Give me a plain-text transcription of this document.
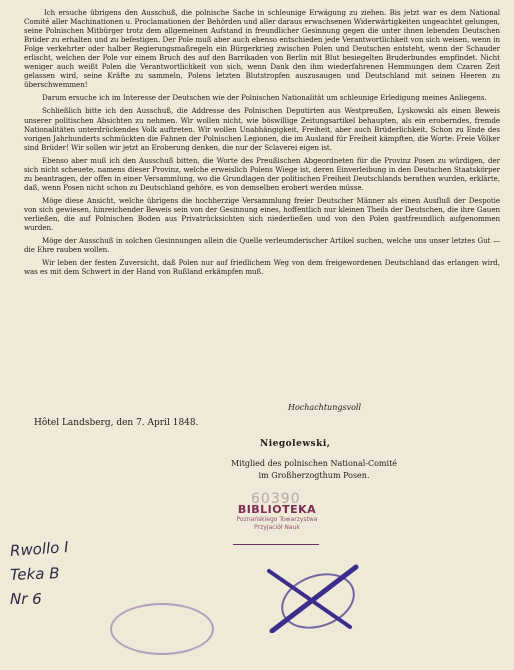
Ich ersuche übrigens den Ausschuß, die polnische Sache in schleunige Erwägung zu ziehen. Bis jetzt war es dem National Comité aller Machinationen u. Proclamationen der Behörden und aller daraus erwachsenen Widerwärtigkeiten ungeachtet gelungen, seine Polnischen Mitbürger trotz dem allgemeinen Aufstand in freundlicher Gesinnung gegen die unter ihnen lebenden Deutschen Brüder zu erhalten und zu befestigen. Der Pole muß aber auch ebenso entschieden jede Verantwortlichkeit von sich weisen, wenn in Folge verkehrter oder halber Regierungsmaßregeln ein Bürgerkrieg zwischen Polen und Deutschen entsteht, wenn der Schauder erlischt, welchen der Pole vor einem Bruch des auf den Barrikaden von Berlin mit Blut besiegelten Bruderbundes empfindet. Nicht weniger auch weißt Polen die Verantwortlichkeit von sich, wenn Dank den ihm wiederfahrenen Hemmungen dem Czaren Zeit gelassen wird, seine Kräfte zu sammeln, Polens letzten Blutstropfen auszusaugen und Deutschland mit seinen Heeren zu überschwemmen!

Darum ersuche ich im Interesse der Deutschen wie der Polnischen Nationalität um schleunige Erledigung meines Anliegens.

Schließlich bitte ich den Ausschuß, die Addresse des Polnischen Deputirten aus Westpreußen, Lyskowski als einen Beweis unserer politischen Absichten zu nehmen. Wir wollen nicht, wie böswillige Zeitungsartikel behaupten, als ein eroberndes, fremde Nationalitäten unterdrückendes Volk auftreten. Wir wollen Unabhängigkeit, Freiheit, aber auch Brüderlichkeit. Schon zu Ende des vorigen Jahrhunderts schmückten die Fahnen der Polnischen Legionen, die im Ausland für Freiheit kämpften, die Worte: Freie Völker sind Brüder! Wir sollen wir jetzt an Eroberung denken, die nur der Sclaverei eigen ist.

Ebenso aber muß ich den Ausschuß bitten, die Worte des Preußischen Abgeordneten für die Provinz Posen zu würdigen, der sich nicht scheuete, namens dieser Provinz, welche erweislich Polens Wiege ist, deren Einverleibung in den Deutschen Staatskörper zu beantragen, der offen in einer Versammlung, wo die Grundlagen der politischen Freiheit Deutschlands berathen wurden, erklärte, daß, wenn Posen nicht schon zu Deutschland gehöre, es von demselben erobert werden müsse.

Möge diese Ansicht, welche übrigens die hochherzige Versammlung freier Deutscher Männer als einen Ausfluß der Despotie von sich gewiesen, hinreichender Beweis sein von der Gesinnung eines, hoffentlich nur kleinen Theils der Deutschen, die ihre Gauen verließen, die auf Polnischen Boden aus Privatrücksichten sich niederließen und von den Polen gastfreundlich aufgenommen wurden.

Möge der Ausschuß in solchen Gesinnungen allein die Quelle verleumderischer Artikel suchen, welche uns unser letztes Gut — die Ehre rauben wollen.

Wir leben der festen Zuversicht, daß Polen nur auf friedlichem Weg von dem freigewordenen Deutschland das erlangen wird, was es mit dem Schwert in der Hand von Rußland erkämpfen muß.

Hochachtungsvoll
Hôtel Landsberg, den 7. April 1848.
Niegolewski,
Mitglied des polnischen National-Comité
im Großherzogthum Posen.
60390
BIBLIOTEKA
Poznańskiego Towarzystwa
Przyjaciół Nauk
Rwollo I
Teka B
Nr 6
